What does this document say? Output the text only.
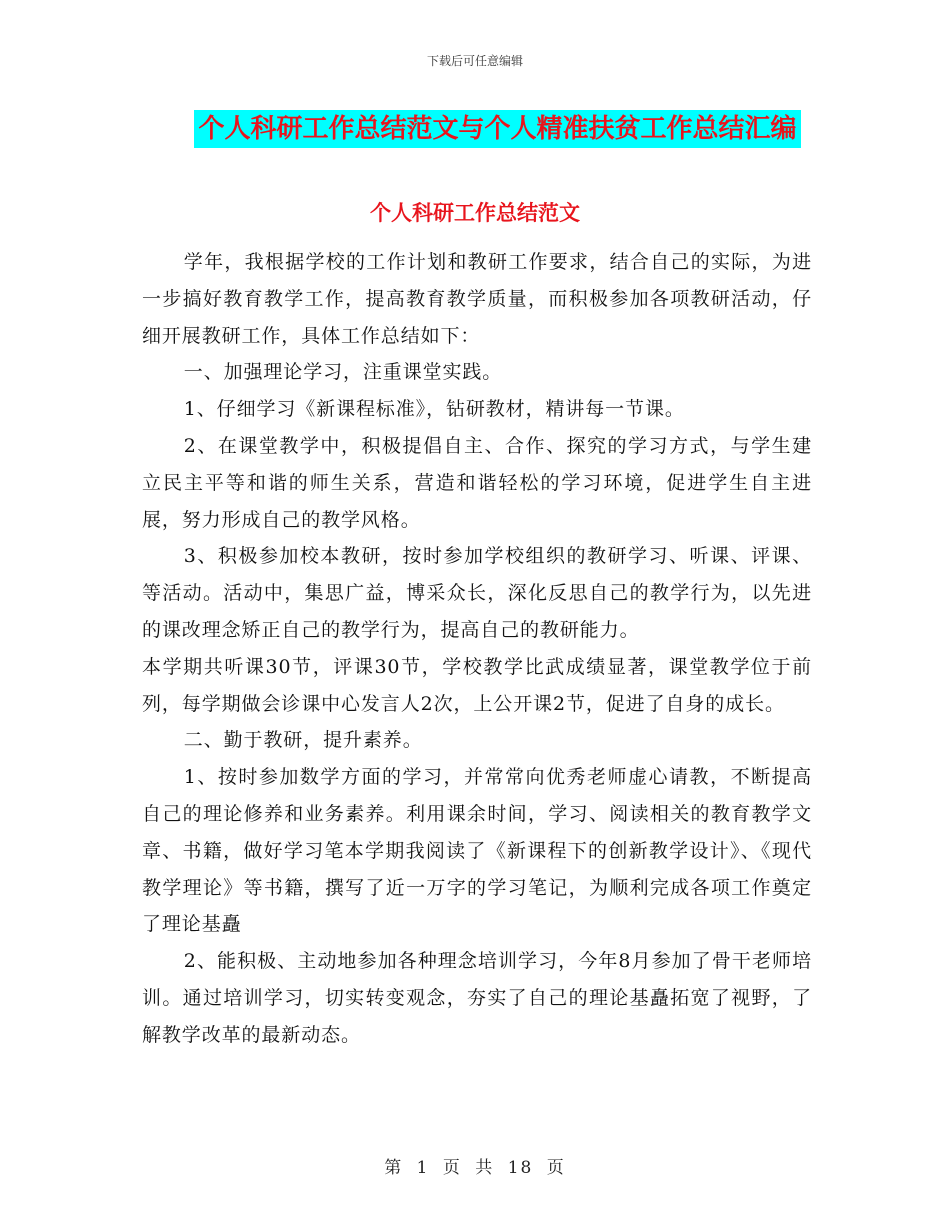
下载后可任意编辑
个人科研工作总结范文与个人精准扶贫工作总结汇编
个人科研工作总结范文

学年，我根据学校的工作计划和教研工作要求，结合自己的实际，为进一步搞好教育教学工作，提高教育教学质量，而积极参加各项教研活动，仔细开展教研工作，具体工作总结如下：

一、加强理论学习，注重课堂实践。

1、仔细学习《新课程标准》，钻研教材，精讲每一节课。

2、在课堂教学中，积极提倡自主、合作、探究的学习方式，与学生建立民主平等和谐的师生关系，营造和谐轻松的学习环境，促进学生自主进展，努力形成自己的教学风格。

3、积极参加校本教研，按时参加学校组织的教研学习、听课、评课、等活动。活动中，集思广益，博采众长，深化反思自己的教学行为，以先进的课改理念矫正自己的教学行为，提高自己的教研能力。

本学期共听课30节，评课30节，学校教学比武成绩显著，课堂教学位于前列，每学期做会诊课中心发言人2次，上公开课2节，促进了自身的成长。

二、勤于教研，提升素养。

1、按时参加数学方面的学习，并常常向优秀老师虚心请教，不断提高自己的理论修养和业务素养。利用课余时间，学习、阅读相关的教育教学文章、书籍，做好学习笔本学期我阅读了《新课程下的创新教学设计》、《现代教学理论》等书籍，撰写了近一万字的学习笔记，为顺利完成各项工作奠定了理论基矗

2、能积极、主动地参加各种理念培训学习，今年8月参加了骨干老师培训。通过培训学习，切实转变观念，夯实了自己的理论基矗拓宽了视野，了解教学改革的最新动态。

第 1 页 共 18 页
